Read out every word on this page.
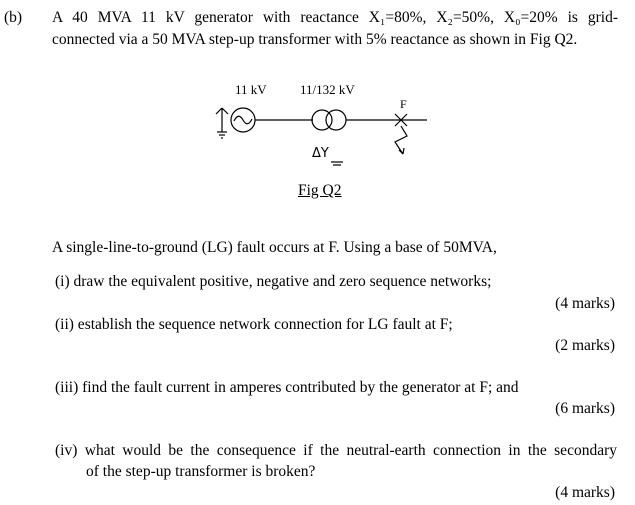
(b) A 40 MVA 11 kV generator with reactance X₁=80%, X₂=50%, X₀=20% is grid-
connected via a 50 MVA step-up transformer with 5% reactance as shown in Fig Q2.
11 kV	11/132 kV
F
ΔY
Fig Q2
A single-line-to-ground (LG) fault occurs at F. Using a base of 50MVA,
(i) draw the equivalent positive, negative and zero sequence networks;
(4 marks)
(ii) establish the sequence network connection for LG fault at F;
(2 marks)
(iii) find the fault current in amperes contributed by the generator at F; and
(6 marks)
(iv) what would be the consequence if the neutral-earth connection in the secondary
of the step-up transformer is broken?
(4 marks)
